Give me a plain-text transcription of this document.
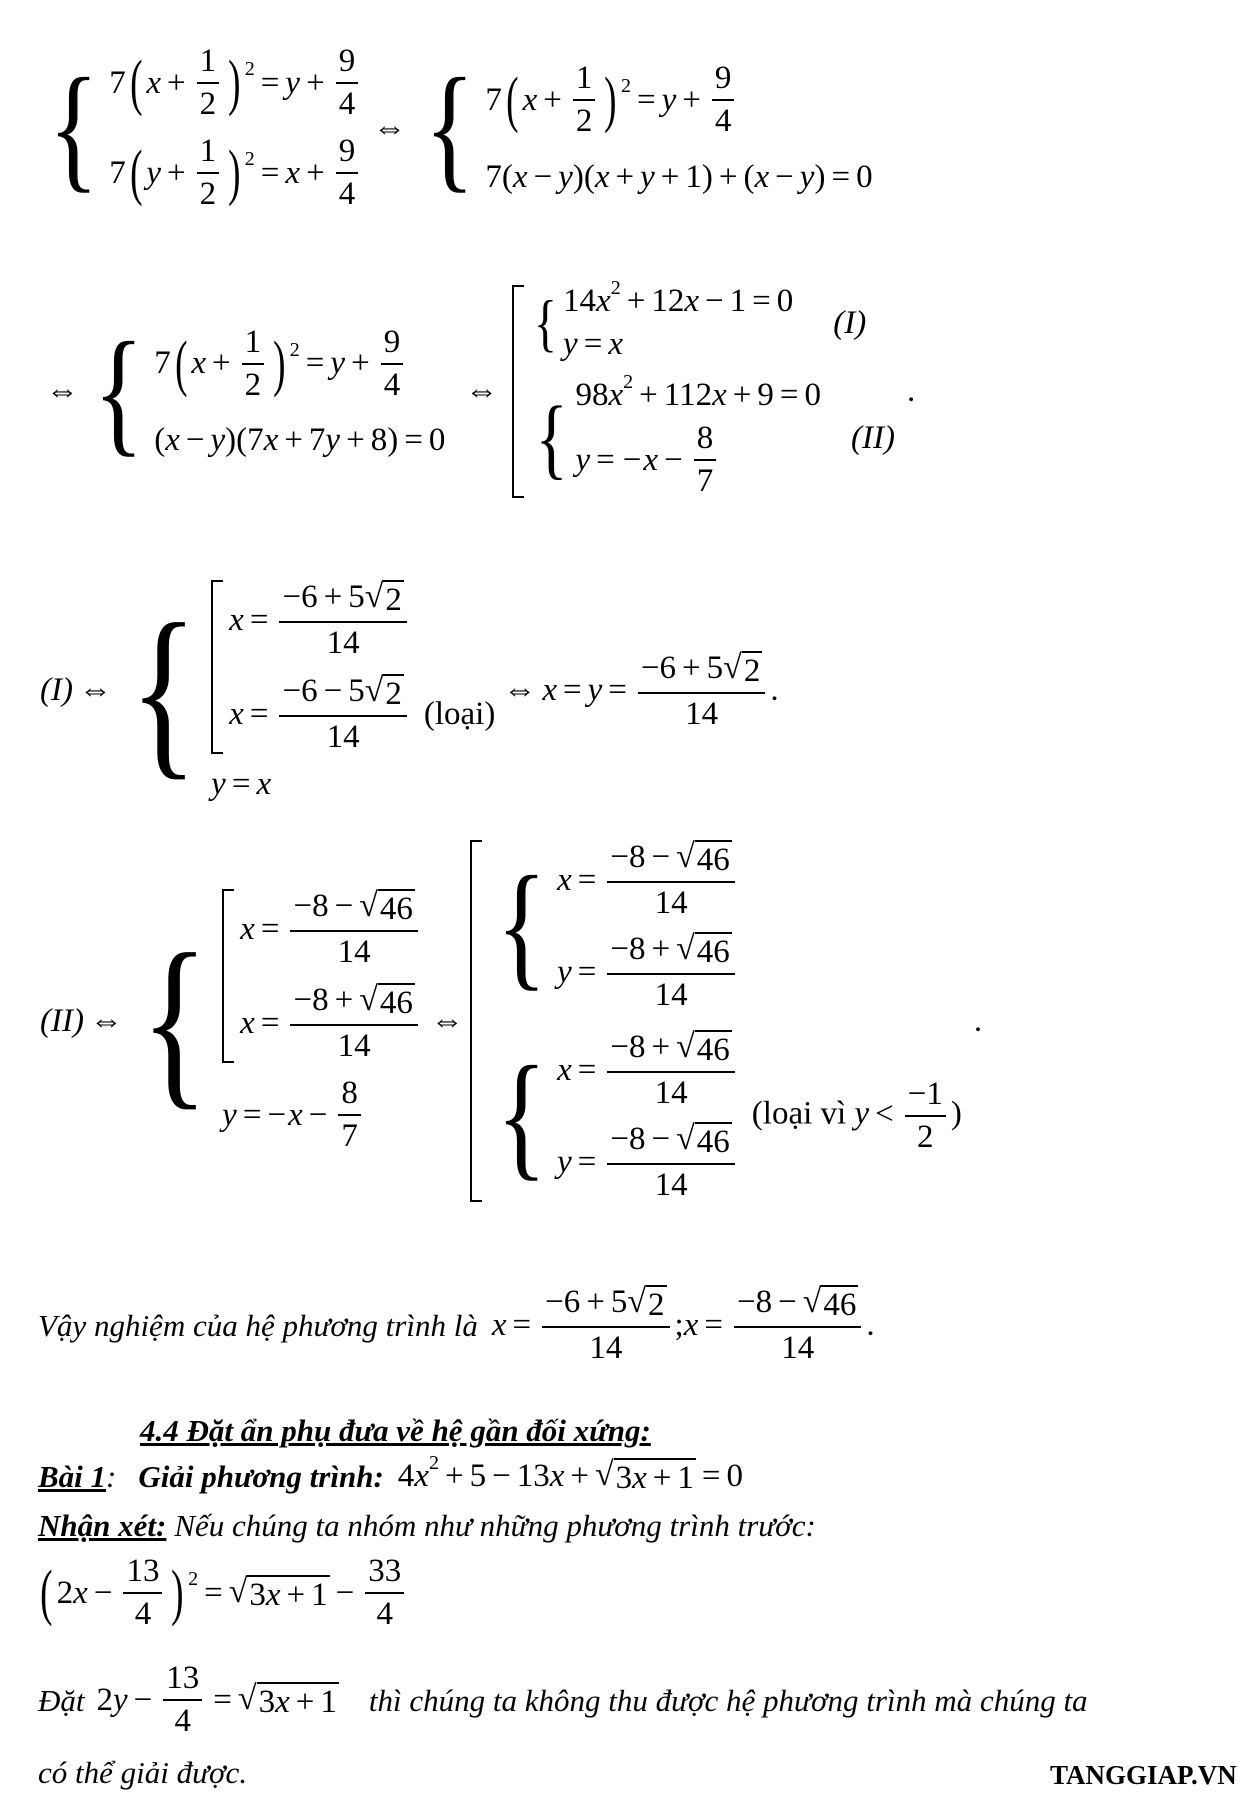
{ 7 ( $x + \frac{1}{2} )^2 = y + \frac{9}{4}$
7 ( $y + \frac{1}{2} )^2 = x + \frac{9}{4}$
⇔ { 7 ( $x + \frac{1}{2} )^2 = y + \frac{9}{4}$
7( x − y )( x + y + 1) + ( x − y ) = 0
⇔ { 7 ( $x + \frac{1}{2} )^2 = y + \frac{9}{4}$
( x − y )(7 x + 7 y + 8) = 0
⇔
{ 14 $x^2 + 12$ x − 1 = 0
y = x
(I)
{ 98 $x^2 + 112$ x + 9 = 0
y = − $x - \frac{8}{7}$	(II)
.
(I) ⇔ { $x = \frac{-6 + 5 √ 2}{14}$
$x = \frac{-6 - 5 √ 2}{14}$ (loại)
y = x
⇔ $x = y = \frac{-6 + 5 √ 2}{14}$ .
(II) ⇔ { $x = \frac{-8 - √ 46}{14}$
$x = \frac{-8 + √ 46}{14}$
y = − $x - \frac{8}{7}$
⇔
{ $x = \frac{-8 - √ 46}{14}$
$y = \frac{-8 + √ 46}{14}$
{ $x = \frac{-8 + √ 46}{14}$
$y = \frac{-8 - √ 46}{14}$
(loại vì $y < \frac{-1}{2}$ )
.
Vậy nghiệm của hệ phương trình là $x = \frac{-6 + 5 √ 2}{14}$ ; $x = \frac{-8 - √ 46}{14}$ .
4.4 Đặt ẩn phụ đưa về hệ gần đối xứng:
Bài 1 : Giải phương trình: 4 $x^2 + 5 - 13$ x + √ 3x + 1 = 0
Nhận xét: Nếu chúng ta nhóm như những phương trình trước:
( 2 $x - \frac{13}{4} )^2$ = √ $3x + 1 - \frac{33}{4}$
Đặt 2 $y - \frac{13}{4}$ = √ 3x + 1 thì chúng ta không thu được hệ phương trình mà chúng ta
có thể giải được.	TANGGIAP.VN
